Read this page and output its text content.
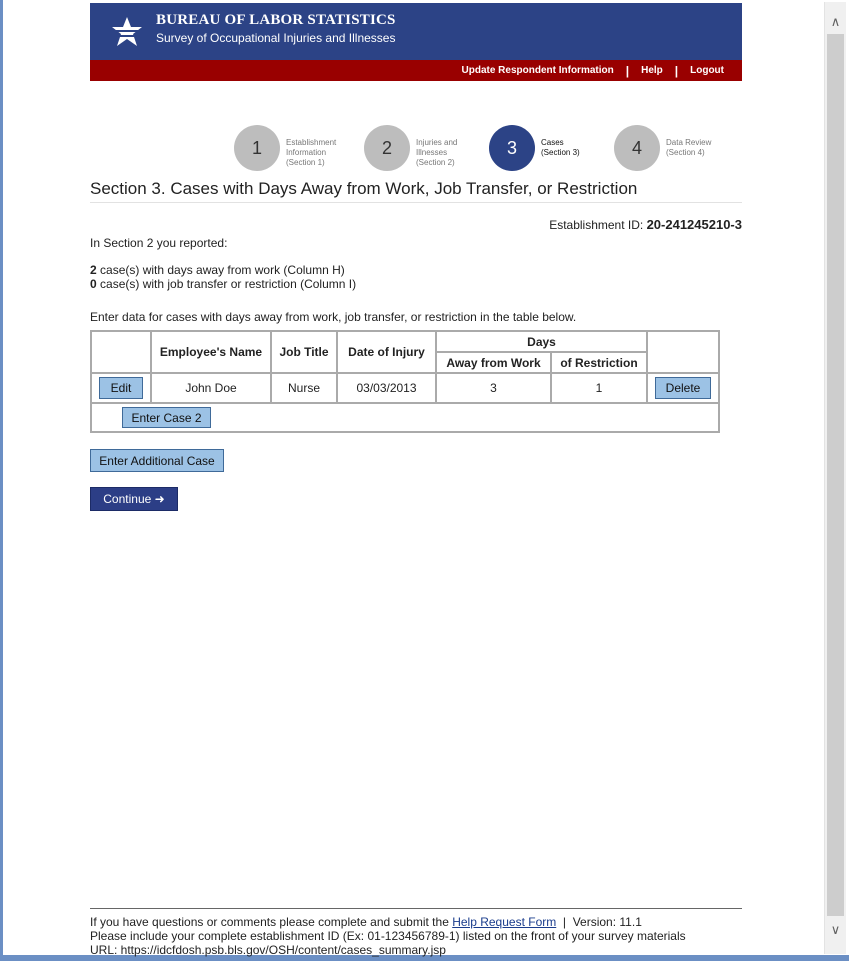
∧
∨
BUREAU OF LABOR STATISTICS
Survey of Occupational Injuries and Illnesses
Update Respondent Information | Help | Logout
1	Establishment
Information
(Section 1)
2	Injuries and
Illnesses
(Section 2)
3	Cases
(Section 3)	4	Data Review
(Section 4)
Section 3. Cases with Days Away from Work, Job Transfer, or Restriction
Establishment ID: 20-241245210-3
In Section 2 you reported:
2 case(s) with days away from work (Column H)
0 case(s) with job transfer or restriction (Column I)
Enter data for cases with days away from work, job transfer, or restriction in the table below.
	Employee's Name	Job Title	Date of Injury	Days		
				Away from Work	of Restriction	
Edit	John Doe	Nurse	03/03/2013	3	1	Delete
Enter Case 2						
Enter Additional Case
Continue ➜
If you have questions or comments please complete and submit the Help Request Form  |  Version: 11.1
Please include your complete establishment ID (Ex: 01-123456789-1) listed on the front of your survey materials
URL: https://idcfdosh.psb.bls.gov/OSH/content/cases_summary.jsp
